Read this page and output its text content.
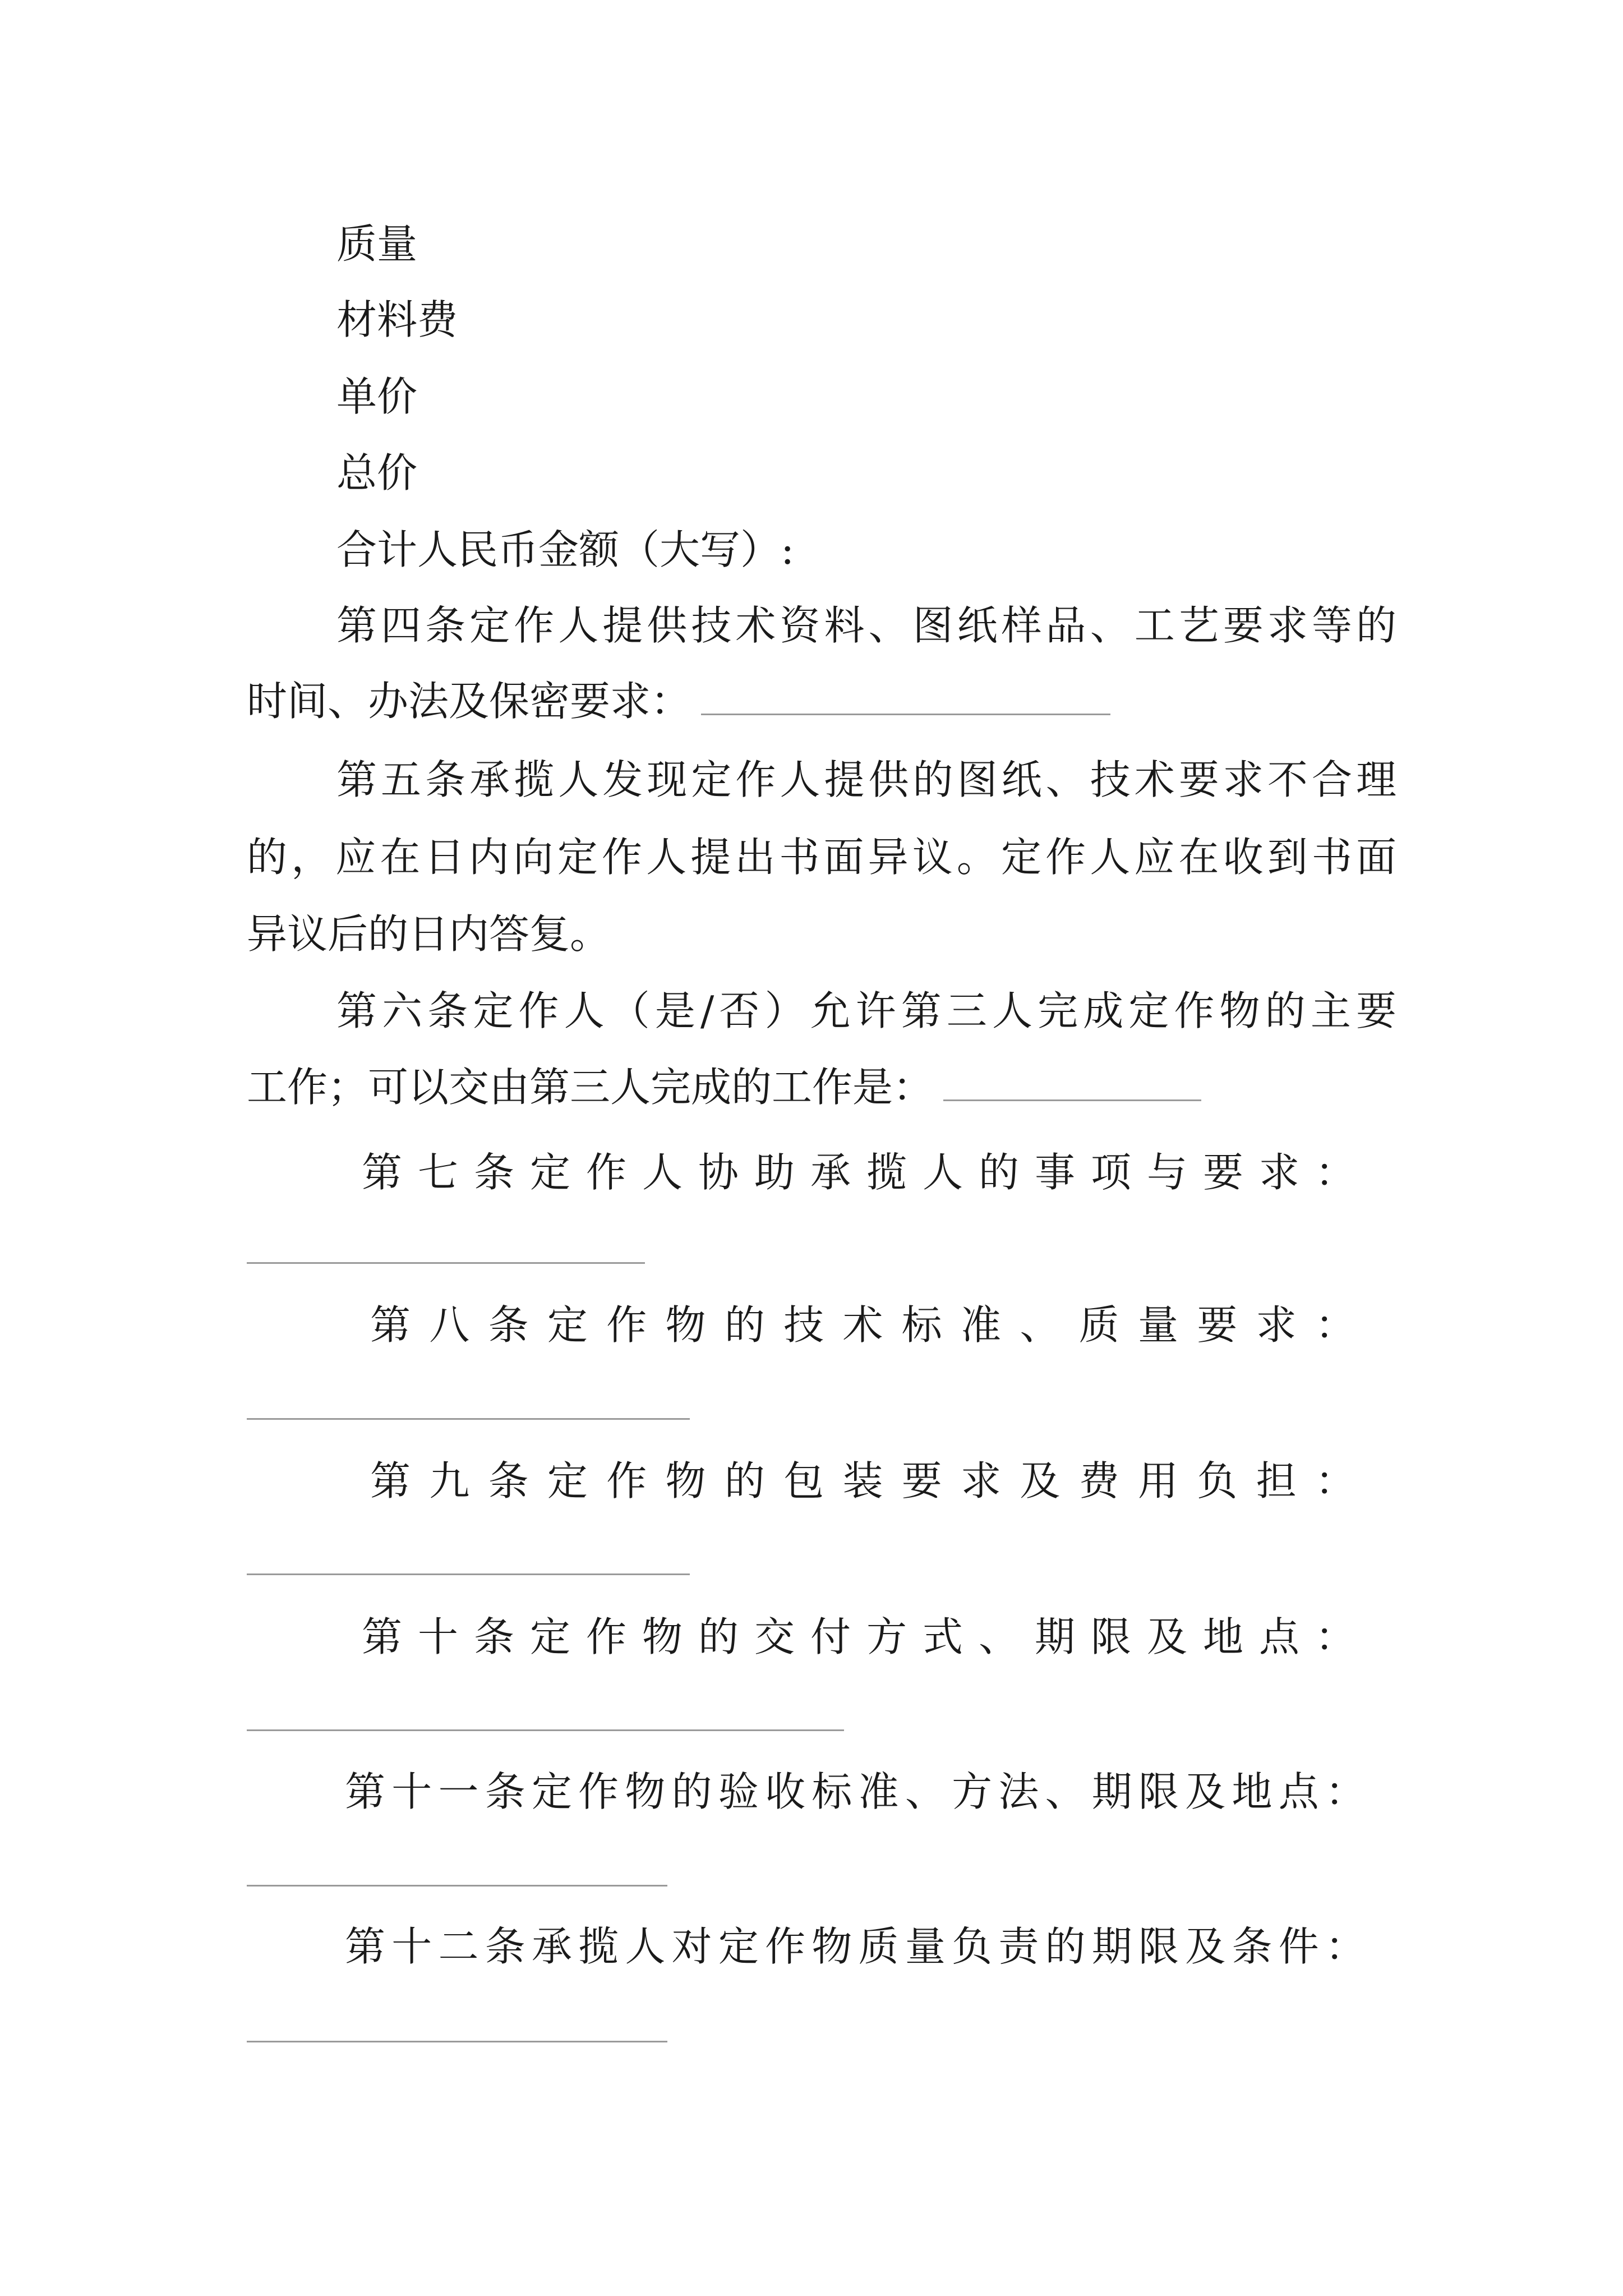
质量
材料费
单价
总价
合计人民币金额（大写）:
第四条定作人提供技术资料、图纸样品、工艺要求等的
时间、办法及保密要求：
第五条承揽人发现定作人提供的图纸、技术要求不合理
的，应在日内向定作人提出书面异议。定作人应在收到书面
异议后的日内答复。
第六条定作人（是/否）允许第三人完成定作物的主要
工作；可以交由第三人完成的工作是：
第七条定作人协助承揽人的事项与要求：
第八条定作物的技术标准、质量要求：
第九条定作物的包装要求及费用负担：
第十条定作物的交付方式、期限及地点：
第十一条定作物的验收标准、方法、期限及地点：
第十二条承揽人对定作物质量负责的期限及条件：
